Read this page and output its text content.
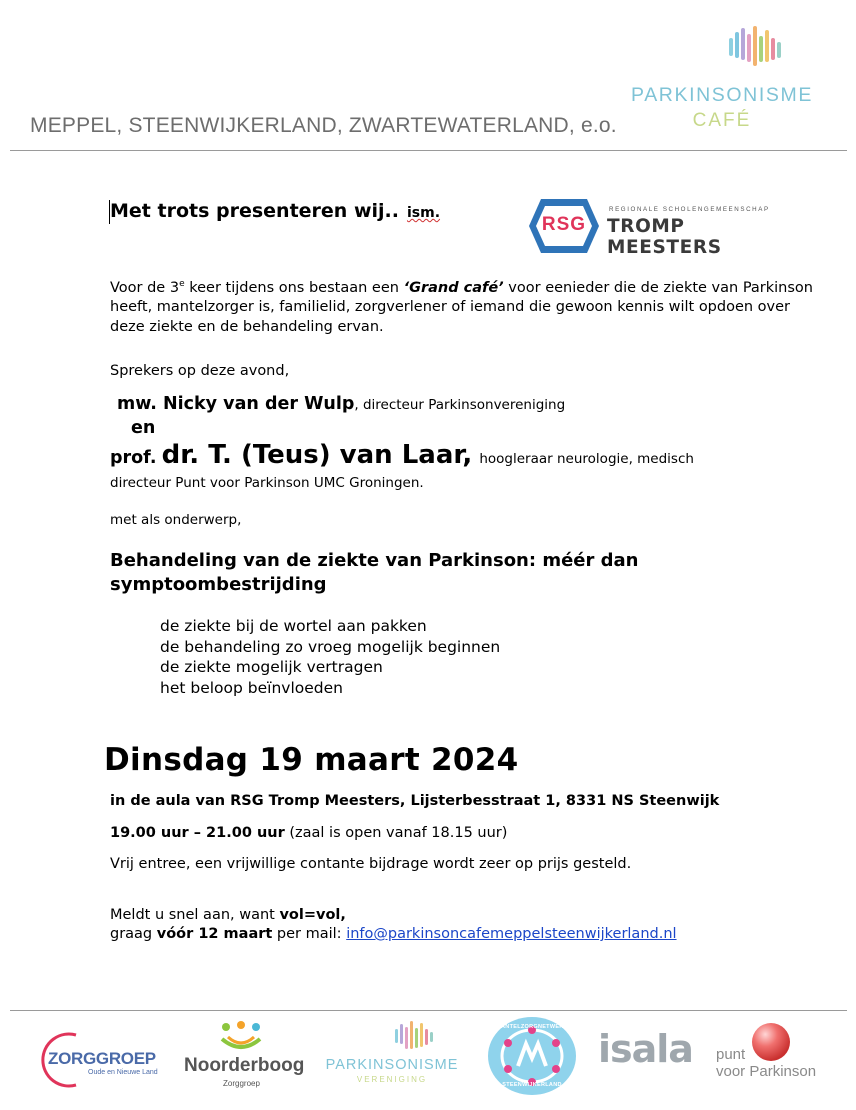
MEPPEL, STEENWIJKERLAND, ZWARTEWATERLAND, e.o.
PARKINSONISME
CAFÉ
Met trots presenteren wij.. ism.
RSG
REGIONALE SCHOLENGEMEENSCHAP
TROMP MEESTERS
Voor de 3e keer tijdens ons bestaan een ‘Grand café’ voor eenieder die de ziekte van Parkinson heeft, mantelzorger is, familielid, zorgverlener of iemand die gewoon kennis wilt opdoen over deze ziekte en de behandeling ervan.
Sprekers op deze avond,
mw. Nicky van der Wulp, directeur Parkinsonvereniging
en
prof. dr. T. (Teus) van Laar, hoogleraar neurologie, medisch
directeur Punt voor Parkinson UMC Groningen.
met als onderwerp,
Behandeling van de ziekte van Parkinson: méér dan symptoombestrijding
de ziekte bij de wortel aan pakken
de behandeling zo vroeg mogelijk beginnen
de ziekte mogelijk vertragen
het beloop beïnvloeden
Dinsdag 19 maart 2024
in de aula van RSG Tromp Meesters, Lijsterbesstraat 1, 8331 NS Steenwijk
19.00 uur – 21.00 uur (zaal is open vanaf 18.15 uur)
Vrij entree, een vrijwillige contante bijdrage wordt zeer op prijs gesteld.
Meldt u snel aan, want vol=vol,
graag vóór 12 maart per mail: info@parkinsoncafemeppelsteenwijkerland.nl
ZORGGROEP
Oude en Nieuwe Land Noorderboog
Zorggroep
PARKINSONISME
VERENIGING
MANTELZORGNETWERK
STEENWIJKERLAND
isala punt
voor Parkinson
